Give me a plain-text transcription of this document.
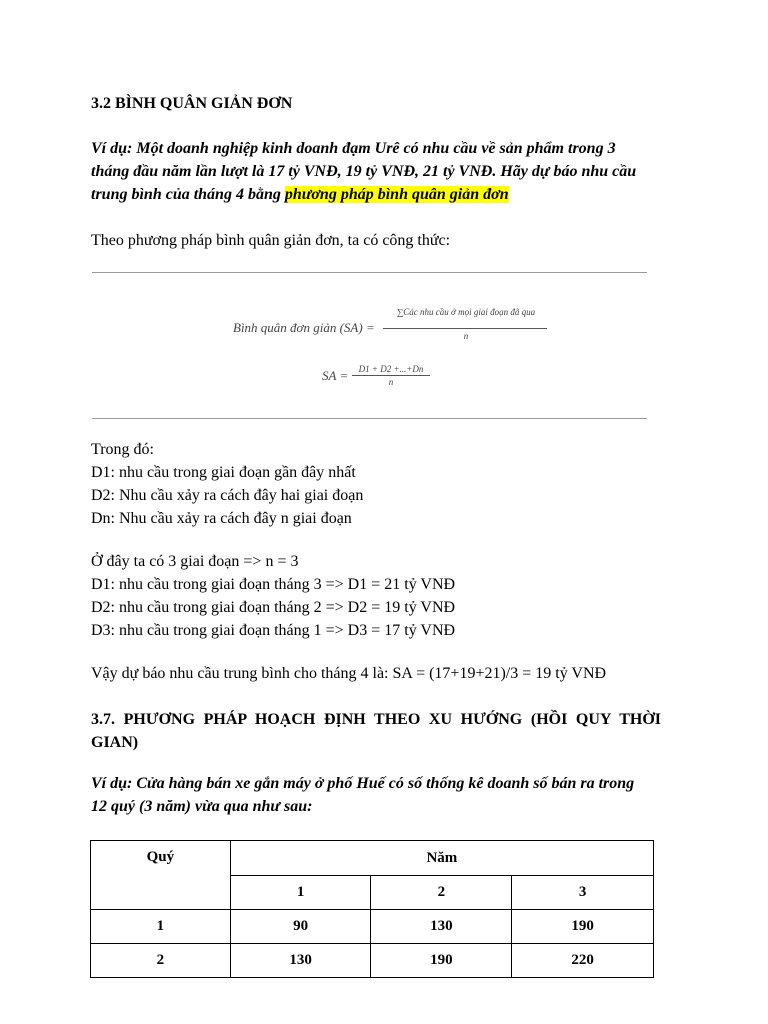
3.2 BÌNH QUÂN GIẢN ĐƠN
Ví dụ: Một doanh nghiệp kinh doanh đạm Urê có nhu cầu về sản phẩm trong 3
tháng đầu năm lần lượt là 17 tỷ VNĐ, 19 tỷ VNĐ, 21 tỷ VNĐ. Hãy dự báo nhu cầu
trung bình của tháng 4 bằng phương pháp bình quân giản đơn
Theo phương pháp bình quân giản đơn, ta có công thức:
Bình quân đơn giản (SA) =
∑Các nhu cầu ở mọi giai đoạn đã qua
n
SA =	D1 + D2 +...+Dn
n
Trong đó:
D1: nhu cầu trong giai đoạn gần đây nhất
D2: Nhu cầu xảy ra cách đây hai giai đoạn
Dn: Nhu cầu xảy ra cách đây n giai đoạn
Ở đây ta có 3 giai đoạn => n = 3
D1: nhu cầu trong giai đoạn tháng 3 => D1 = 21 tỷ VNĐ
D2: nhu cầu trong giai đoạn tháng 2 => D2 = 19 tỷ VNĐ
D3: nhu cầu trong giai đoạn tháng 1 => D3 = 17 tỷ VNĐ
Vậy dự báo nhu cầu trung bình cho tháng 4 là: SA = (17+19+21)/3 = 19 tỷ VNĐ
3.7. PHƯƠNG PHÁP HOẠCH ĐỊNH THEO XU HƯỚNG (HỒI QUY THỜI
GIAN)
Ví dụ: Cửa hàng bán xe gắn máy ở phố Huế có số thống kê doanh số bán ra trong
12 quý (3 năm) vừa qua như sau:
Quý	Năm		
	1	2	3
1	90	130	190
2	130	190	220
